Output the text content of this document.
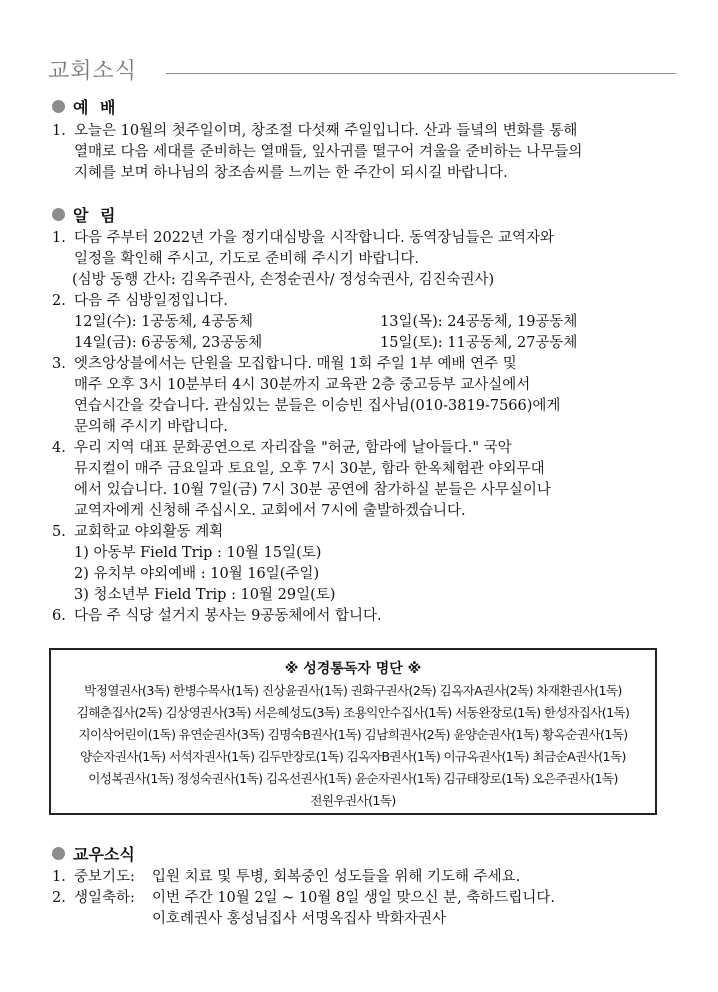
교회소식
예 배
1. 오늘은 10월의 첫주일이며, 창조절 다섯째 주일입니다. 산과 들녘의 변화를 통해
열매로 다음 세대를 준비하는 열매들, 잎사귀를 떨구어 겨울을 준비하는 나무들의
지혜를 보며 하나님의 창조솜씨를 느끼는 한 주간이 되시길 바랍니다.
알 림
1. 다음 주부터 2022년 가을 정기대심방을 시작합니다. 동역장님들은 교역자와
일정을 확인해 주시고, 기도로 준비해 주시기 바랍니다.
(심방 동행 간사: 김옥주권사, 손정순권사/ 정성숙권사, 김진숙권사)
2. 다음 주 심방일정입니다.
12일(수): 1공동체, 4공동체	13일(목): 24공동체, 19공동체
14일(금): 6공동체, 23공동체	15일(토): 11공동체, 27공동체
3. 엣츠앙상블에서는 단원을 모집합니다. 매월 1회 주일 1부 예배 연주 및
매주 오후 3시 10분부터 4시 30분까지 교육관 2층 중고등부 교사실에서
연습시간을 갖습니다. 관심있는 분들은 이승빈 집사님(010-3819-7566)에게
문의해 주시기 바랍니다.
4. 우리 지역 대표 문화공연으로 자리잡을 "허균, 함라에 날아들다." 국악
뮤지컬이 매주 금요일과 토요일, 오후 7시 30분, 함라 한옥체험관 야외무대
에서 있습니다. 10월 7일(금) 7시 30분 공연에 참가하실 분들은 사무실이나
교역자에게 신청해 주십시오. 교회에서 7시에 출발하겠습니다.
5. 교회학교 야외활동 계획
1) 아동부 Field Trip : 10월 15일(토)
2) 유치부 야외예배 : 10월 16일(주일)
3) 청소년부 Field Trip : 10월 29일(토)
6. 다음 주 식당 설거지 봉사는 9공동체에서 합니다.
※ 성경통독자 명단 ※
박정열권사(3독) 한병수목사(1독) 진상윤권사(1독) 권화구권사(2독) 김옥자A권사(2독) 차재환권사(1독)
김해춘집사(2독) 김상영권사(3독) 서은혜성도(3독) 조용익안수집사(1독) 서동완장로(1독) 한성자집사(1독)
지이삭어린이(1독) 유연순권사(3독) 김명숙B권사(1독) 김남희권사(2독) 윤양순권사(1독) 황옥순권사(1독)
양순자권사(1독) 서석자권사(1독) 김두만장로(1독) 김옥자B권사(1독) 이규옥권사(1독) 최금순A권사(1독)
이성복권사(1독) 정성숙권사(1독) 김옥선권사(1독) 윤순자권사(1독) 김규태장로(1독) 오은주권사(1독)
전원우권사(1독)
교우소식
1. 중보기도:	입원 치료 및 투병, 회복중인 성도들을 위해 기도해 주세요.
2. 생일축하:	이번 주간 10월 2일 ~ 10월 8일 생일 맞으신 분, 축하드립니다.
이호례권사 홍성님집사 서명옥집사 박화자권사
